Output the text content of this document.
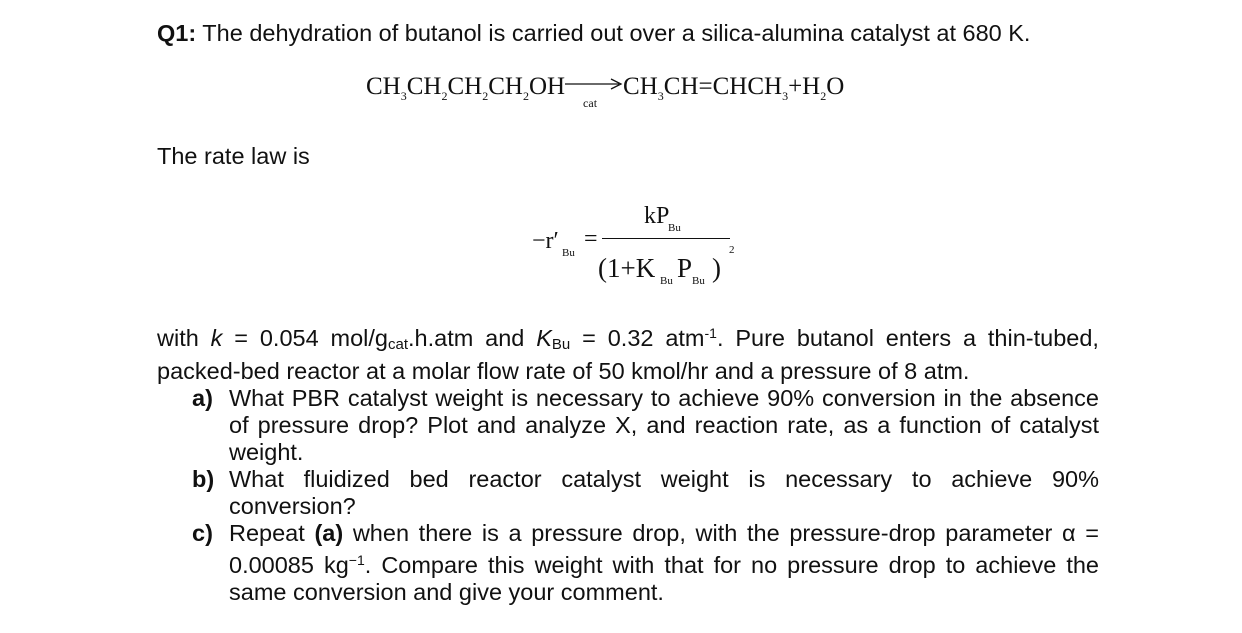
Q1: The dehydration of butanol is carried out over a silica-alumina catalyst at 680 K.
$CH_3CH_2CH_2CH_2OH$
cat
$CH_3CH=CHCH_3+H_2O$
The rate law is
−r′ Bu
=
kP
Bu
(1+K Bu P Bu )
2

with k = 0.054 mol/gcat.h.atm and KBu = 0.32 atm$^{-1}$. Pure butanol enters a thin-tubed, packed-bed reactor at a molar flow rate of 50 kmol/hr and a pressure of 8 atm.

a) What PBR catalyst weight is necessary to achieve 90% conversion in the absence of pressure drop? Plot and analyze X, and reaction rate, as a function of catalyst weight.
b) What fluidized bed reactor catalyst weight is necessary to achieve 90% conversion?
c) Repeat (a) when there is a pressure drop, with the pressure-drop parameter α = 0.00085 $kg^{-1}$. Compare this weight with that for no pressure drop to achieve the same conversion and give your comment.
